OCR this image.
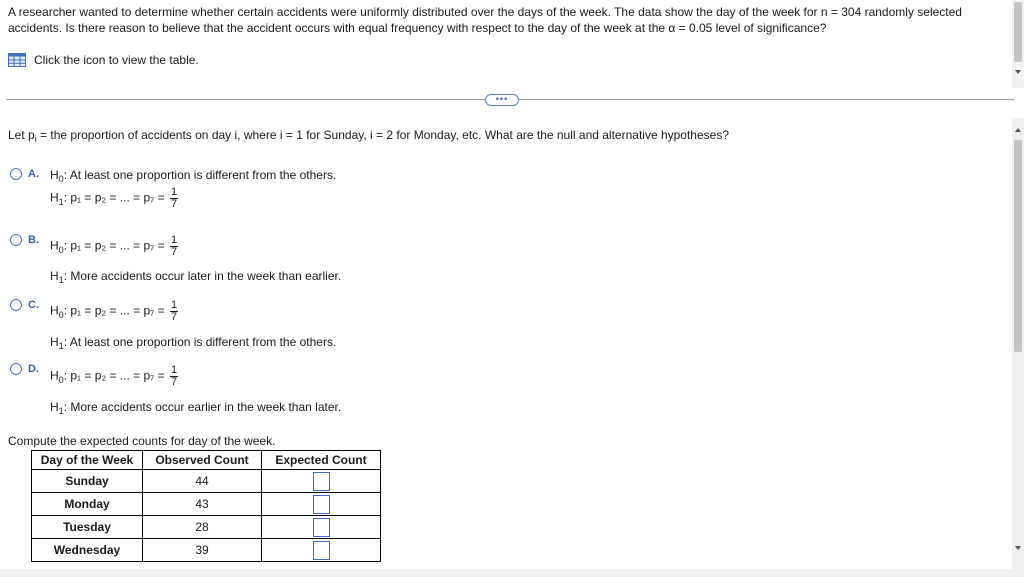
A researcher wanted to determine whether certain accidents were uniformly distributed over the days of the week. The data show the day of the week for n = 304 randomly selected accidents. Is there reason to believe that the accident occurs with equal frequency with respect to the day of the week at the α = 0.05 level of significance?
Click the icon to view the table.
•••
Let $p_i$ = the proportion of accidents on day i, where i = 1 for Sunday, i = 2 for Monday, etc. What are the null and alternative hypotheses?
A. $H_0$: At least one proportion is different from the others.
$H_1$: p₁ = p₂ = ... = $p_7 = \frac{1}{7}$
B. $H_0$: p₁ = p₂ = ... = $p_7 = \frac{1}{7}$
$H_1$: More accidents occur later in the week than earlier.
C. $H_0$: p₁ = p₂ = ... = $p_7 = \frac{1}{7}$
$H_1$: At least one proportion is different from the others.
D. $H_0$: p₁ = p₂ = ... = $p_7 = \frac{1}{7}$
$H_1$: More accidents occur earlier in the week than later.
Compute the expected counts for day of the week.
Day of the Week	Observed Count	Expected Count
Sunday	44	
Monday	43	
Tuesday	28	
Wednesday	39	
